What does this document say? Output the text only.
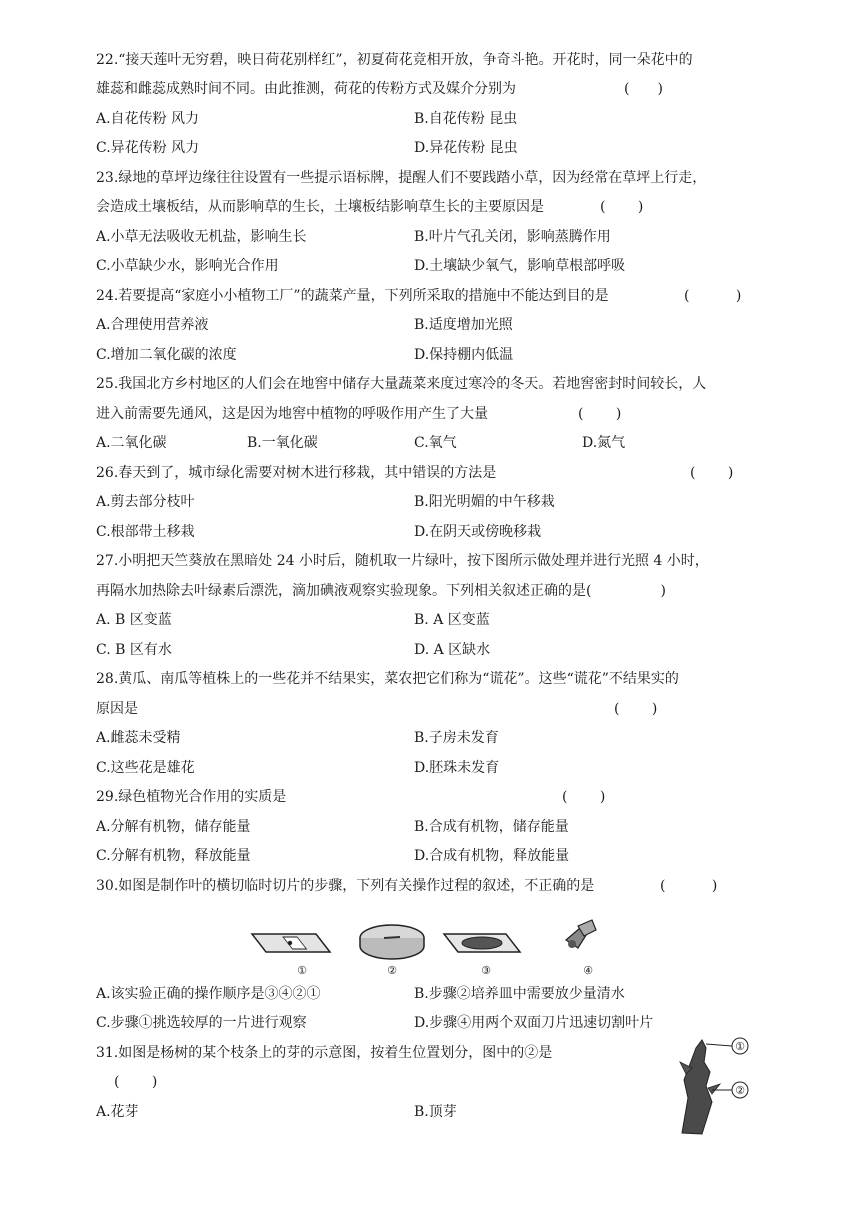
22.“接天莲叶无穷碧，映日荷花别样红”，初夏荷花竞相开放，争奇斗艳。开花时，同一朵花中的
雄蕊和雌蕊成熟时间不同。由此推测，荷花的传粉方式及媒介分别为	(　　)
A.自花传粉 风力	B.自花传粉 昆虫
C.异花传粉 风力	D.异花传粉 昆虫
23.绿地的草坪边缘往往设置有一些提示语标牌，提醒人们不要践踏小草，因为经常在草坪上行走，
会造成土壤板结，从而影响草的生长，土壤板结影响草生长的主要原因是	(　　 )
A.小草无法吸收无机盐，影响生长	B.叶片气孔关闭，影响蒸腾作用
C.小草缺少水，影响光合作用	D.土壤缺少氧气，影响草根部呼吸
24.若要提高“家庭小小植物工厂”的蔬菜产量，下列所采取的措施中不能达到目的是	(　　　 )
A.合理使用营养液	B.适度增加光照
C.增加二氧化碳的浓度	D.保持棚内低温
25.我国北方乡村地区的人们会在地窖中储存大量蔬菜来度过寒冷的冬天。若地窖密封时间较长，人
进入前需要先通风，这是因为地窖中植物的呼吸作用产生了大量	(　　 )
A.二氧化碳	B.一氧化碳	C.氧气	D.氮气
26.春天到了，城市绿化需要对树木进行移栽，其中错误的方法是	(　　 )
A.剪去部分枝叶	B.阳光明媚的中午移栽
C.根部带土移栽	D.在阴天或傍晚移栽
27.小明把天竺葵放在黑暗处 24 小时后，随机取一片绿叶，按下图所示做处理并进行光照 4 小时，
再隔水加热除去叶绿素后漂洗，滴加碘液观察实验现象。下列相关叙述正确的是(	　　 )
A. B 区变蓝	B. A 区变蓝
C. B 区有水	D. A 区缺水
28.黄瓜、南瓜等植株上的一些花并不结果实，菜农把它们称为“谎花”。这些“谎花”不结果实的
原因是	(　　 )
A.雌蕊未受精	B.子房未发育
C.这些花是雄花	D.胚珠未发育
29.绿色植物光合作用的实质是	(　　 )
A.分解有机物，储存能量	B.合成有机物，储存能量
C.分解有机物，释放能量	D.合成有机物，释放能量
30.如图是制作叶的横切临时切片的步骤，下列有关操作过程的叙述，不正确的是	(　　　 )
①	②	③	④
A.该实验正确的操作顺序是③④②①	B.步骤②培养皿中需要放少量清水
C.步骤①挑选较厚的一片进行观察	D.步骤④用两个双面刀片迅速切割叶片
31.如图是杨树的某个枝条上的芽的示意图，按着生位置划分，图中的②是
(　　 )
A.花芽	B.顶芽
①
②
